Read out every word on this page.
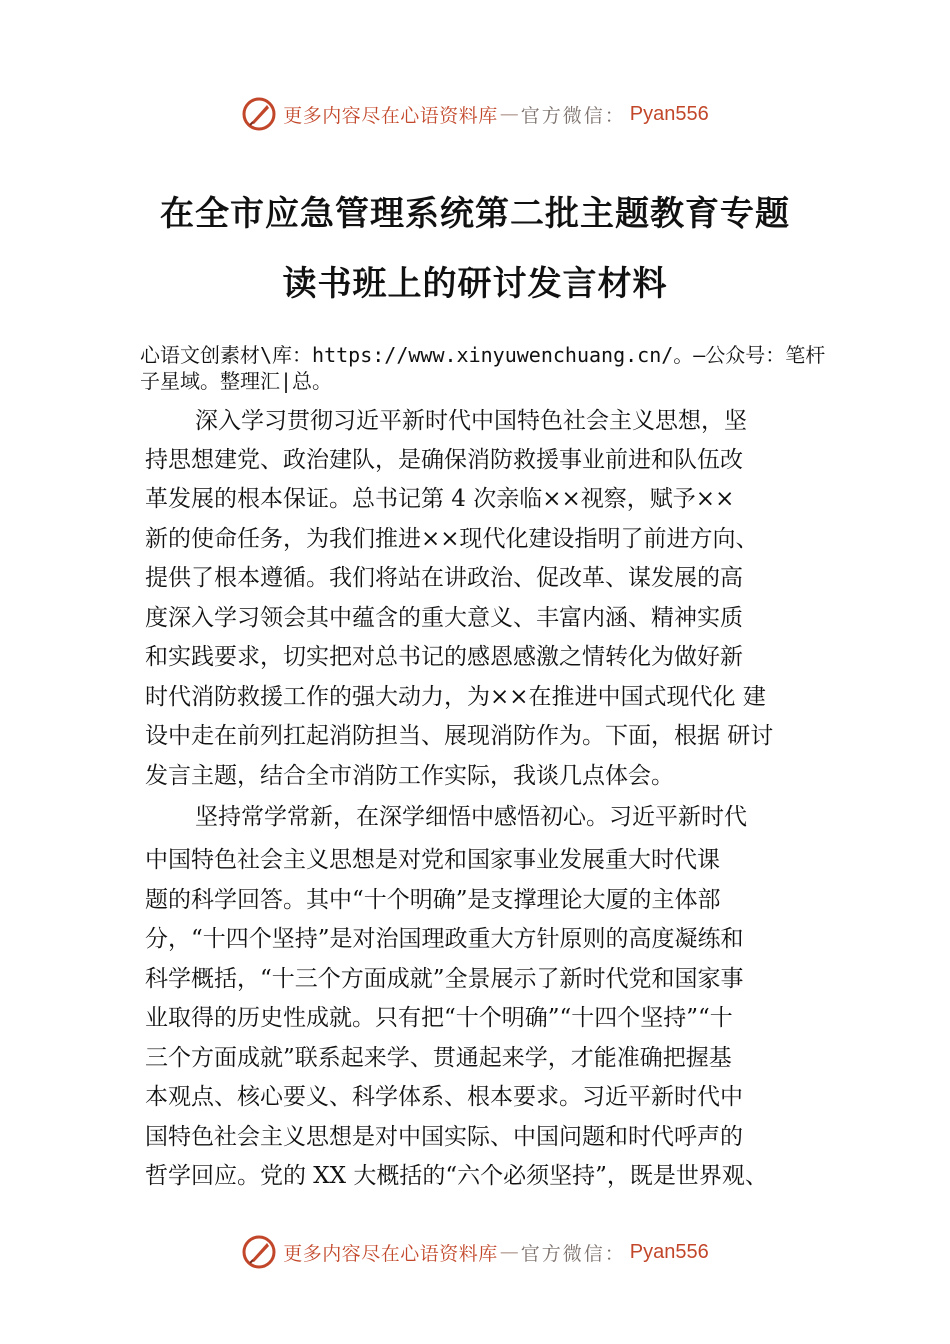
更多内容尽在心语资料库 — 官方微信： Pyan556
在全市应急管理系统第二批主题教育专题
读书班上的研讨发言材料
心语文创素材\库：https://www.xinyuwenchuang.cn/。—公众号：笔杆子星域。整理汇|总。
深入学习贯彻习近平新时代中国特色社会主义思想，坚
持思想建党、政治建队，是确保消防救援事业前进和队伍改
革发展的根本保证。总书记第 4 次亲临××视察，赋予××
新的使命任务，为我们推进××现代化建设指明了前进方向、
提供了根本遵循。我们将站在讲政治、促改革、谋发展的高
度深入学习领会其中蕴含的重大意义、丰富内涵、精神实质
和实践要求，切实把对总书记的感恩感激之情转化为做好新
时代消防救援工作的强大动力，为××在推进中国式现代化 建
设中走在前列扛起消防担当、展现消防作为。下面，根据 研讨
发言主题，结合全市消防工作实际，我谈几点体会。
坚持常学常新，在深学细悟中感悟初心。习近平新时代
中国特色社会主义思想是对党和国家事业发展重大时代课
题的科学回答。其中“十个明确”是支撑理论大厦的主体部
分，“十四个坚持”是对治国理政重大方针原则的高度凝练和
科学概括，“十三个方面成就”全景展示了新时代党和国家事
业取得的历史性成就。只有把“十个明确”“十四个坚持”“十
三个方面成就”联系起来学、贯通起来学，才能准确把握基
本观点、核心要义、科学体系、根本要求。习近平新时代中
国特色社会主义思想是对中国实际、中国问题和时代呼声的
哲学回应。党的 XX 大概括的“六个必须坚持”，既是世界观、
更多内容尽在心语资料库 — 官方微信： Pyan556
